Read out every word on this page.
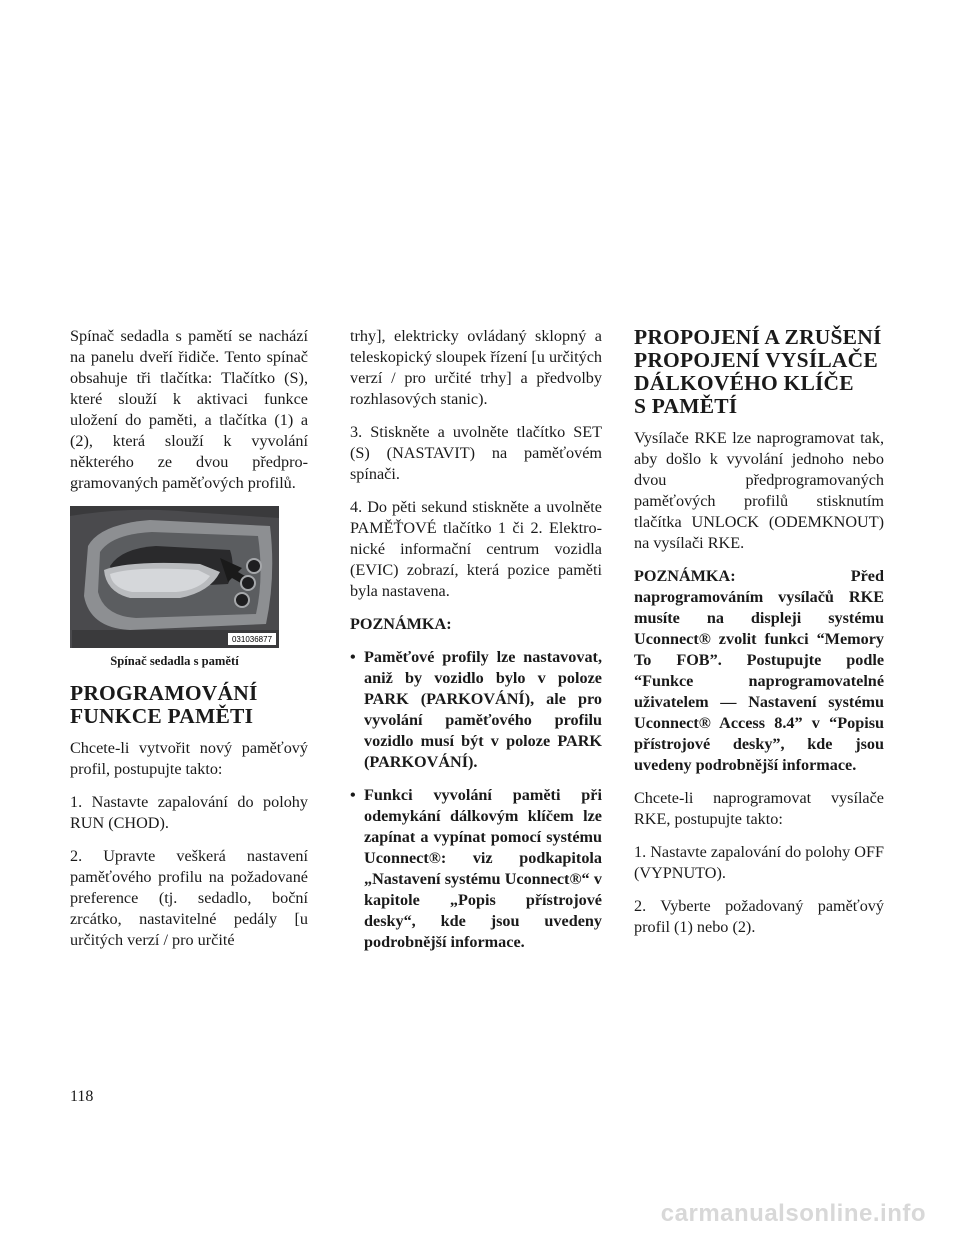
Spínač sedadla s pamětí se nachází na panelu dveří řidiče. Tento spínač obsahuje tři tlačítka: Tlačítko (S), které slouží k aktivaci funkce uložení do paměti, a tlačítka (1) a (2), která slouží k vyvolání některého ze dvou předprogramovaných paměťových profilů.

031036877
Spínač sedadla s pamětí
PROGRAMOVÁNÍ
FUNKCE PAMĚTI

Chcete-li vytvořit nový paměťový profil, postupujte takto:

1. Nastavte zapalování do polohy RUN (CHOD).

2. Upravte veškerá nastavení paměťového profilu na požadované preference (tj. sedadlo, boční zrcátko, nastavitelné pedály [u určitých verzí / pro určité

trhy], elektricky ovládaný sklopný a teleskopický sloupek řízení [u určitých verzí / pro určité trhy] a předvolby rozhlasových stanic).

3. Stiskněte a uvolněte tlačítko SET (S) (NASTAVIT) na paměťovém spínači.

4. Do pěti sekund stiskněte a uvolněte PAMĚŤOVÉ tlačítko 1 či 2. Elektronické informační centrum vozidla (EVIC) zobrazí, která pozice paměti byla nastavena.

POZNÁMKA:

• Paměťové profily lze nastavovat, aniž by vozidlo bylo v poloze PARK (PARKOVÁNÍ), ale pro vyvolání paměťového profilu vozidlo musí být v poloze PARK (PARKOVÁNÍ).
• Funkci vyvolání paměti při odemykání dálkovým klíčem lze zapínat a vypínat pomocí systému Uconnect®: viz podkapitola „Nastavení systému Uconnect®“ v kapitole „Popis přístrojové desky“, kde jsou uvedeny podrobnější informace.
PROPOJENÍ A ZRUŠENÍ
PROPOJENÍ VYSÍLAČE
DÁLKOVÉHO KLÍČE
S PAMĚTÍ

Vysílače RKE lze naprogramovat tak, aby došlo k vyvolání jednoho nebo dvou předprogramovaných paměťových profilů stisknutím tlačítka UNLOCK (ODEMKNOUT) na vysílači RKE.

POZNÁMKA: Před naprogramováním vysílačů RKE musíte na displeji systému Uconnect® zvolit funkci “Memory To FOB”. Postupujte podle “Funkce naprogramovatelné uživatelem — Nastavení systému Uconnect® Access 8.4” v “Popisu přístrojové desky”, kde jsou uvedeny podrobnější informace.

Chcete-li naprogramovat vysílače RKE, postupujte takto:

1. Nastavte zapalování do polohy OFF (VYPNUTO).

2. Vyberte požadovaný paměťový profil (1) nebo (2).

118
carmanualsonline.info
